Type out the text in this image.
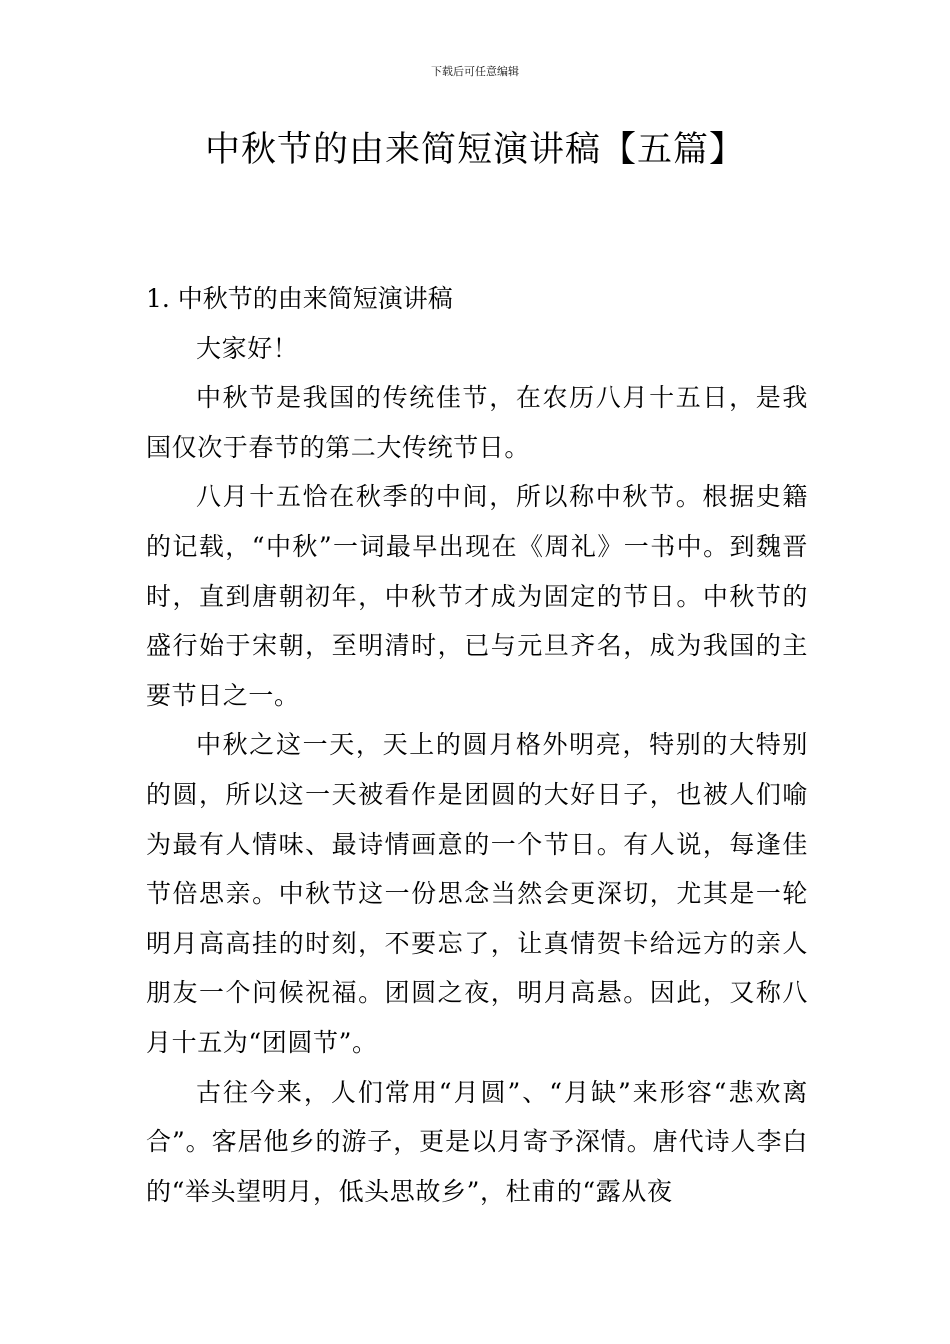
下载后可任意编辑
中秋节的由来简短演讲稿【五篇】
1. 中秋节的由来简短演讲稿

大家好！

中秋节是我国的传统佳节，在农历八月十五日，是我国仅次于春节的第二大传统节日。

八月十五恰在秋季的中间，所以称中秋节。根据史籍的记载，“中秋”一词最早出现在《周礼》一书中。到魏晋时，直到唐朝初年，中秋节才成为固定的节日。中秋节的盛行始于宋朝，至明清时，已与元旦齐名，成为我国的主要节日之一。

中秋之这一天，天上的圆月格外明亮，特别的大特别的圆，所以这一天被看作是团圆的大好日子，也被人们喻为最有人情味、最诗情画意的一个节日。有人说，每逢佳节倍思亲。中秋节这一份思念当然会更深切，尤其是一轮明月高高挂的时刻，不要忘了，让真情贺卡给远方的亲人朋友一个问候祝福。团圆之夜，明月高悬。因此，又称八月十五为“团圆节”。

古往今来，人们常用“月圆”、“月缺”来形容“悲欢离合”。客居他乡的游子，更是以月寄予深情。唐代诗人李白的“举头望明月，低头思故乡”，杜甫的“露从夜
